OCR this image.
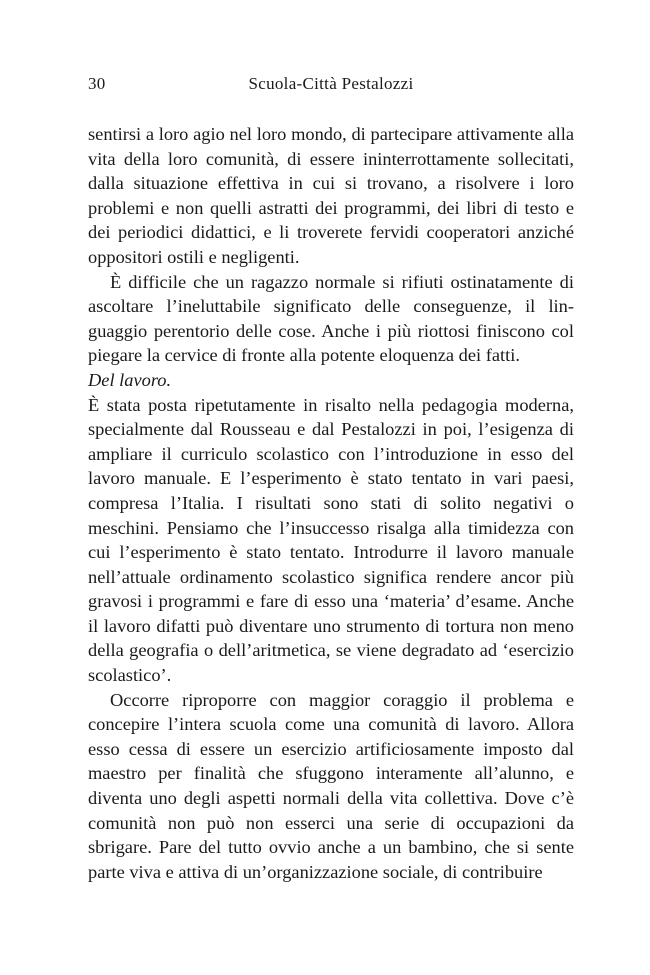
30	Scuola-Città Pestalozzi

sentirsi a loro agio nel loro mondo, di partecipare attivamente alla vita della loro comunità, di essere ininterrottamente sollecitati, dalla situazione effettiva in cui si trovano, a risolvere i loro problemi e non quelli astratti dei programmi, dei libri di testo e dei periodici didattici, e li troverete fervidi cooperatori anziché oppositori ostili e negligenti.

È difficile che un ragazzo normale si rifiuti ostinatamente di ascoltare l’ineluttabile significato delle conseguenze, il linguaggio perentorio delle cose. Anche i più riottosi finiscono col piegare la cervice di fronte alla potente eloquenza dei fatti.

Del lavoro.

È stata posta ripetutamente in risalto nella pedagogia moderna, specialmente dal Rousseau e dal Pestalozzi in poi, l’esigenza di ampliare il curriculo scolastico con l’introduzione in esso del lavoro manuale. E l’esperimento è stato tentato in vari paesi, compresa l’Italia. I risultati sono stati di solito negativi o meschini. Pensiamo che l’insuccesso risalga alla timidezza con cui l’esperimento è stato tentato. Introdurre il lavoro manuale nell’attuale ordinamento scolastico significa rendere ancor più gravosi i programmi e fare di esso una ‘materia’ d’esame. Anche il lavoro difatti può diventare uno strumento di tortura non meno della geografia o dell’aritmetica, se viene degradato ad ‘esercizio scolastico’.

Occorre riproporre con maggior coraggio il problema e concepire l’intera scuola come una comunità di lavoro. Allora esso cessa di essere un esercizio artificiosamente imposto dal maestro per finalità che sfuggono interamente all’alunno, e diventa uno degli aspetti normali della vita collettiva. Dove c’è comunità non può non esserci una serie di occupazioni da sbrigare. Pare del tutto ovvio anche a un bambino, che si sente parte viva e attiva di un’organizzazione sociale, di contribuire
